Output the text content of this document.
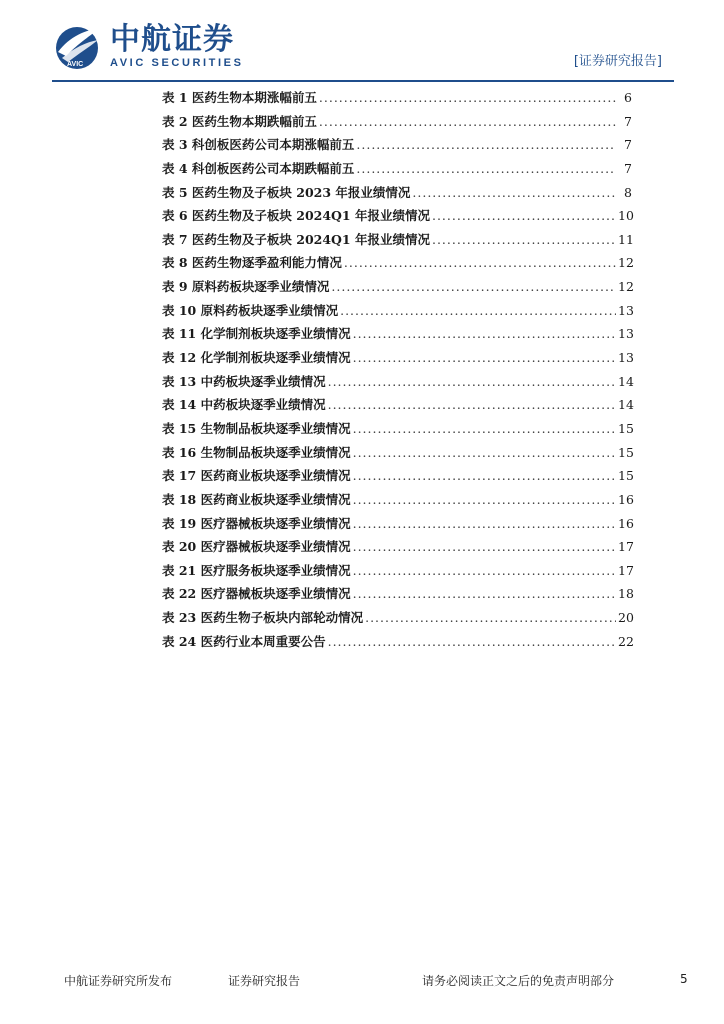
AVIC
中航证券
AVIC SECURITIES	[证券研究报告]
表 1 医药生物本期涨幅前五 .....	6
表 2 医药生物本期跌幅前五 .....	7
表 3 科创板医药公司本期涨幅前五 .....	7
表 4 科创板医药公司本期跌幅前五 .....	7
表 5 医药生物及子板块 2023 年报业绩情况 .....	8
表 6 医药生物及子板块 2024Q1 年报业绩情况 .....	10
表 7 医药生物及子板块 2024Q1 年报业绩情况 .....	11
表 8 医药生物逐季盈利能力情况 .....	12
表 9 原料药板块逐季业绩情况 .....	12
表 10 原料药板块逐季业绩情况 .....	13
表 11 化学制剂板块逐季业绩情况 .....	13
表 12 化学制剂板块逐季业绩情况 .....	13
表 13 中药板块逐季业绩情况 .....	14
表 14 中药板块逐季业绩情况 .....	14
表 15 生物制品板块逐季业绩情况 .....	15
表 16 生物制品板块逐季业绩情况 .....	15
表 17 医药商业板块逐季业绩情况 .....	15
表 18 医药商业板块逐季业绩情况 .....	16
表 19 医疗器械板块逐季业绩情况 .....	16
表 20 医疗器械板块逐季业绩情况 .....	17
表 21 医疗服务板块逐季业绩情况 .....	17
表 22 医疗器械板块逐季业绩情况 .....	18
表 23 医药生物子板块内部轮动情况 .....	20
表 24 医药行业本周重要公告 .....	22
中航证券研究所发布	证券研究报告	请务必阅读正文之后的免责声明部分	5
